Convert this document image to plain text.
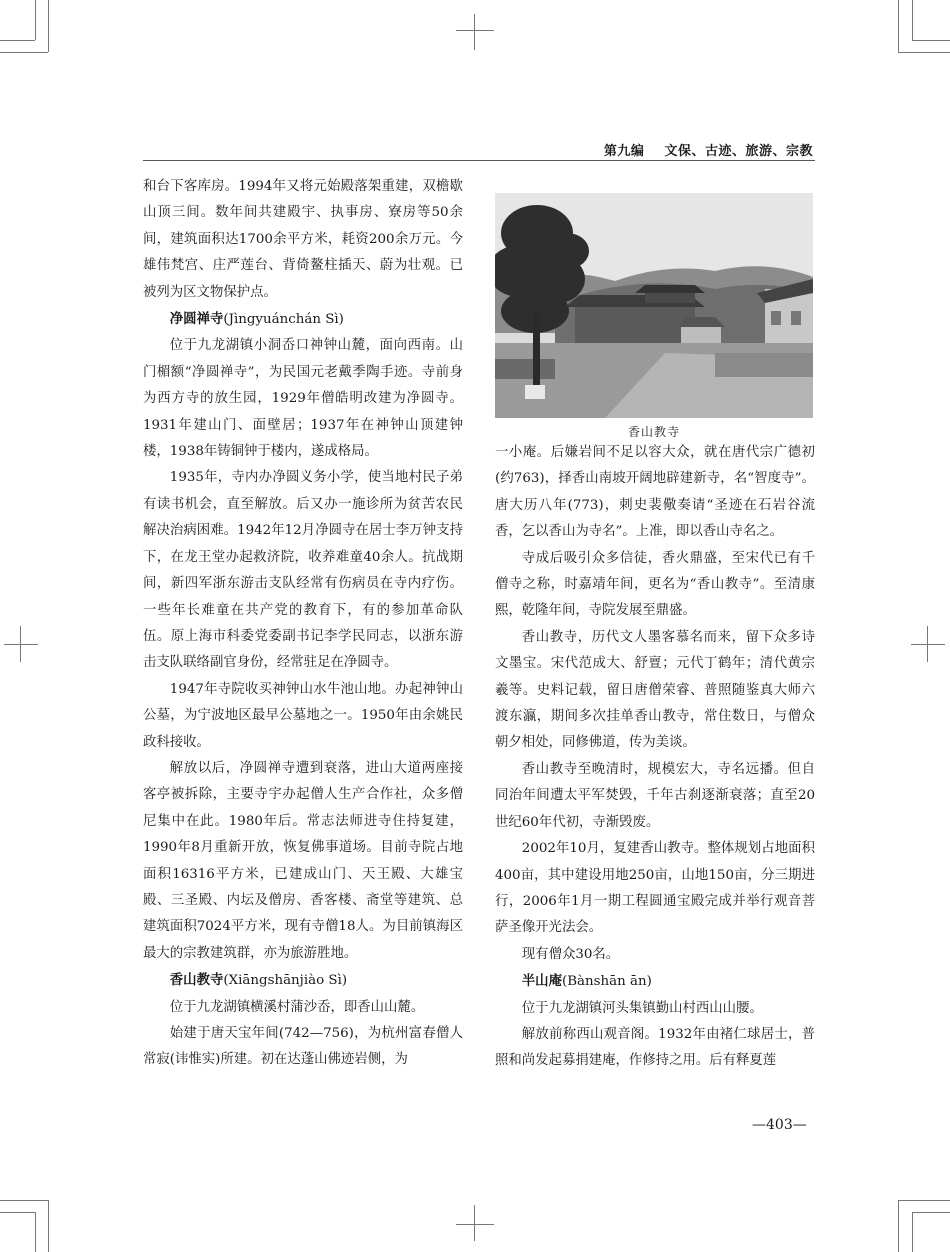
第九编 文保、古迹、旅游、宗教

和台下客库房。1994年又将元始殿落架重建，双檐歇山顶三间。数年间共建殿宇、执事房、寮房等50余间，建筑面积达1700余平方米，耗资200余万元。今雄伟梵宫、庄严莲台、背倚鳌柱插天、蔚为壮观。已被列为区文物保护点。

净圆禅寺(Jìngyuánchán Sì)

位于九龙湖镇小洞岙口神钟山麓，面向西南。山门楣额“净圆禅寺”，为民国元老戴季陶手迹。寺前身为西方寺的放生园，1929年僧皓明改建为净圆寺。1931年建山门、面壁居；1937年在神钟山顶建钟楼，1938年铸铜钟于楼内，遂成格局。

1935年，寺内办净圆义务小学，使当地村民子弟有读书机会，直至解放。后又办一施诊所为贫苦农民解决治病困难。1942年12月净圆寺在居士李万钟支持下，在龙王堂办起救济院，收养难童40余人。抗战期间，新四军浙东游击支队经常有伤病员在寺内疗伤。一些年长难童在共产党的教育下，有的参加革命队伍。原上海市科委党委副书记李学民同志，以浙东游击支队联络副官身份，经常驻足在净圆寺。

1947年寺院收买神钟山水牛池山地。办起神钟山公墓，为宁波地区最早公墓地之一。1950年由余姚民政科接收。

解放以后，净圆禅寺遭到衰落，进山大道两座接客亭被拆除，主要寺宇办起僧人生产合作社，众多僧尼集中在此。1980年后。常志法师进寺住持复建，1990年8月重新开放，恢复佛事道场。目前寺院占地面积16316平方米，已建成山门、天王殿、大雄宝殿、三圣殿、内坛及僧房、香客楼、斋堂等建筑、总建筑面积7024平方米，现有寺僧18人。为目前镇海区最大的宗教建筑群，亦为旅游胜地。

香山教寺(Xiāngshānjiào Sì)

位于九龙湖镇横溪村蒲沙岙，即香山山麓。

始建于唐天宝年间(742—756)，为杭州富春僧人常寂(讳惟实)所建。初在达蓬山佛迹岩侧，为

香山教寺

一小庵。后嫌岩间不足以容大众，就在唐代宗广德初(约763)，择香山南坡开阔地辟建新寺，名“智度寺”。唐大历八年(773)，刺史裴儆奏请“圣迹在石岩谷流香，乞以香山为寺名”。上准，即以香山寺名之。

寺成后吸引众多信徒，香火鼎盛，至宋代已有千僧寺之称，时嘉靖年间，更名为“香山教寺”。至清康熙，乾隆年间，寺院发展至鼎盛。

香山教寺，历代文人墨客慕名而来，留下众多诗文墨宝。宋代范成大、舒亶；元代丁鹤年；清代黄宗羲等。史料记载，留日唐僧荣睿、普照随鉴真大师六渡东瀛，期间多次挂单香山教寺，常住数日，与僧众朝夕相处，同修佛道，传为美谈。

香山教寺至晚清时，规模宏大，寺名远播。但自同治年间遭太平军焚毁，千年古刹逐渐衰落；直至20世纪60年代初，寺渐毁废。

2002年10月，复建香山教寺。整体规划占地面积400亩，其中建设用地250亩，山地150亩，分三期进行，2006年1月一期工程圆通宝殿完成并举行观音菩萨圣像开光法会。

现有僧众30名。

半山庵(Bànshān ān)

位于九龙湖镇河头集镇勤山村西山山腰。

解放前称西山观音阁。1932年由褚仁球居士，普照和尚发起募捐建庵，作修持之用。后有释夏莲

—403—
